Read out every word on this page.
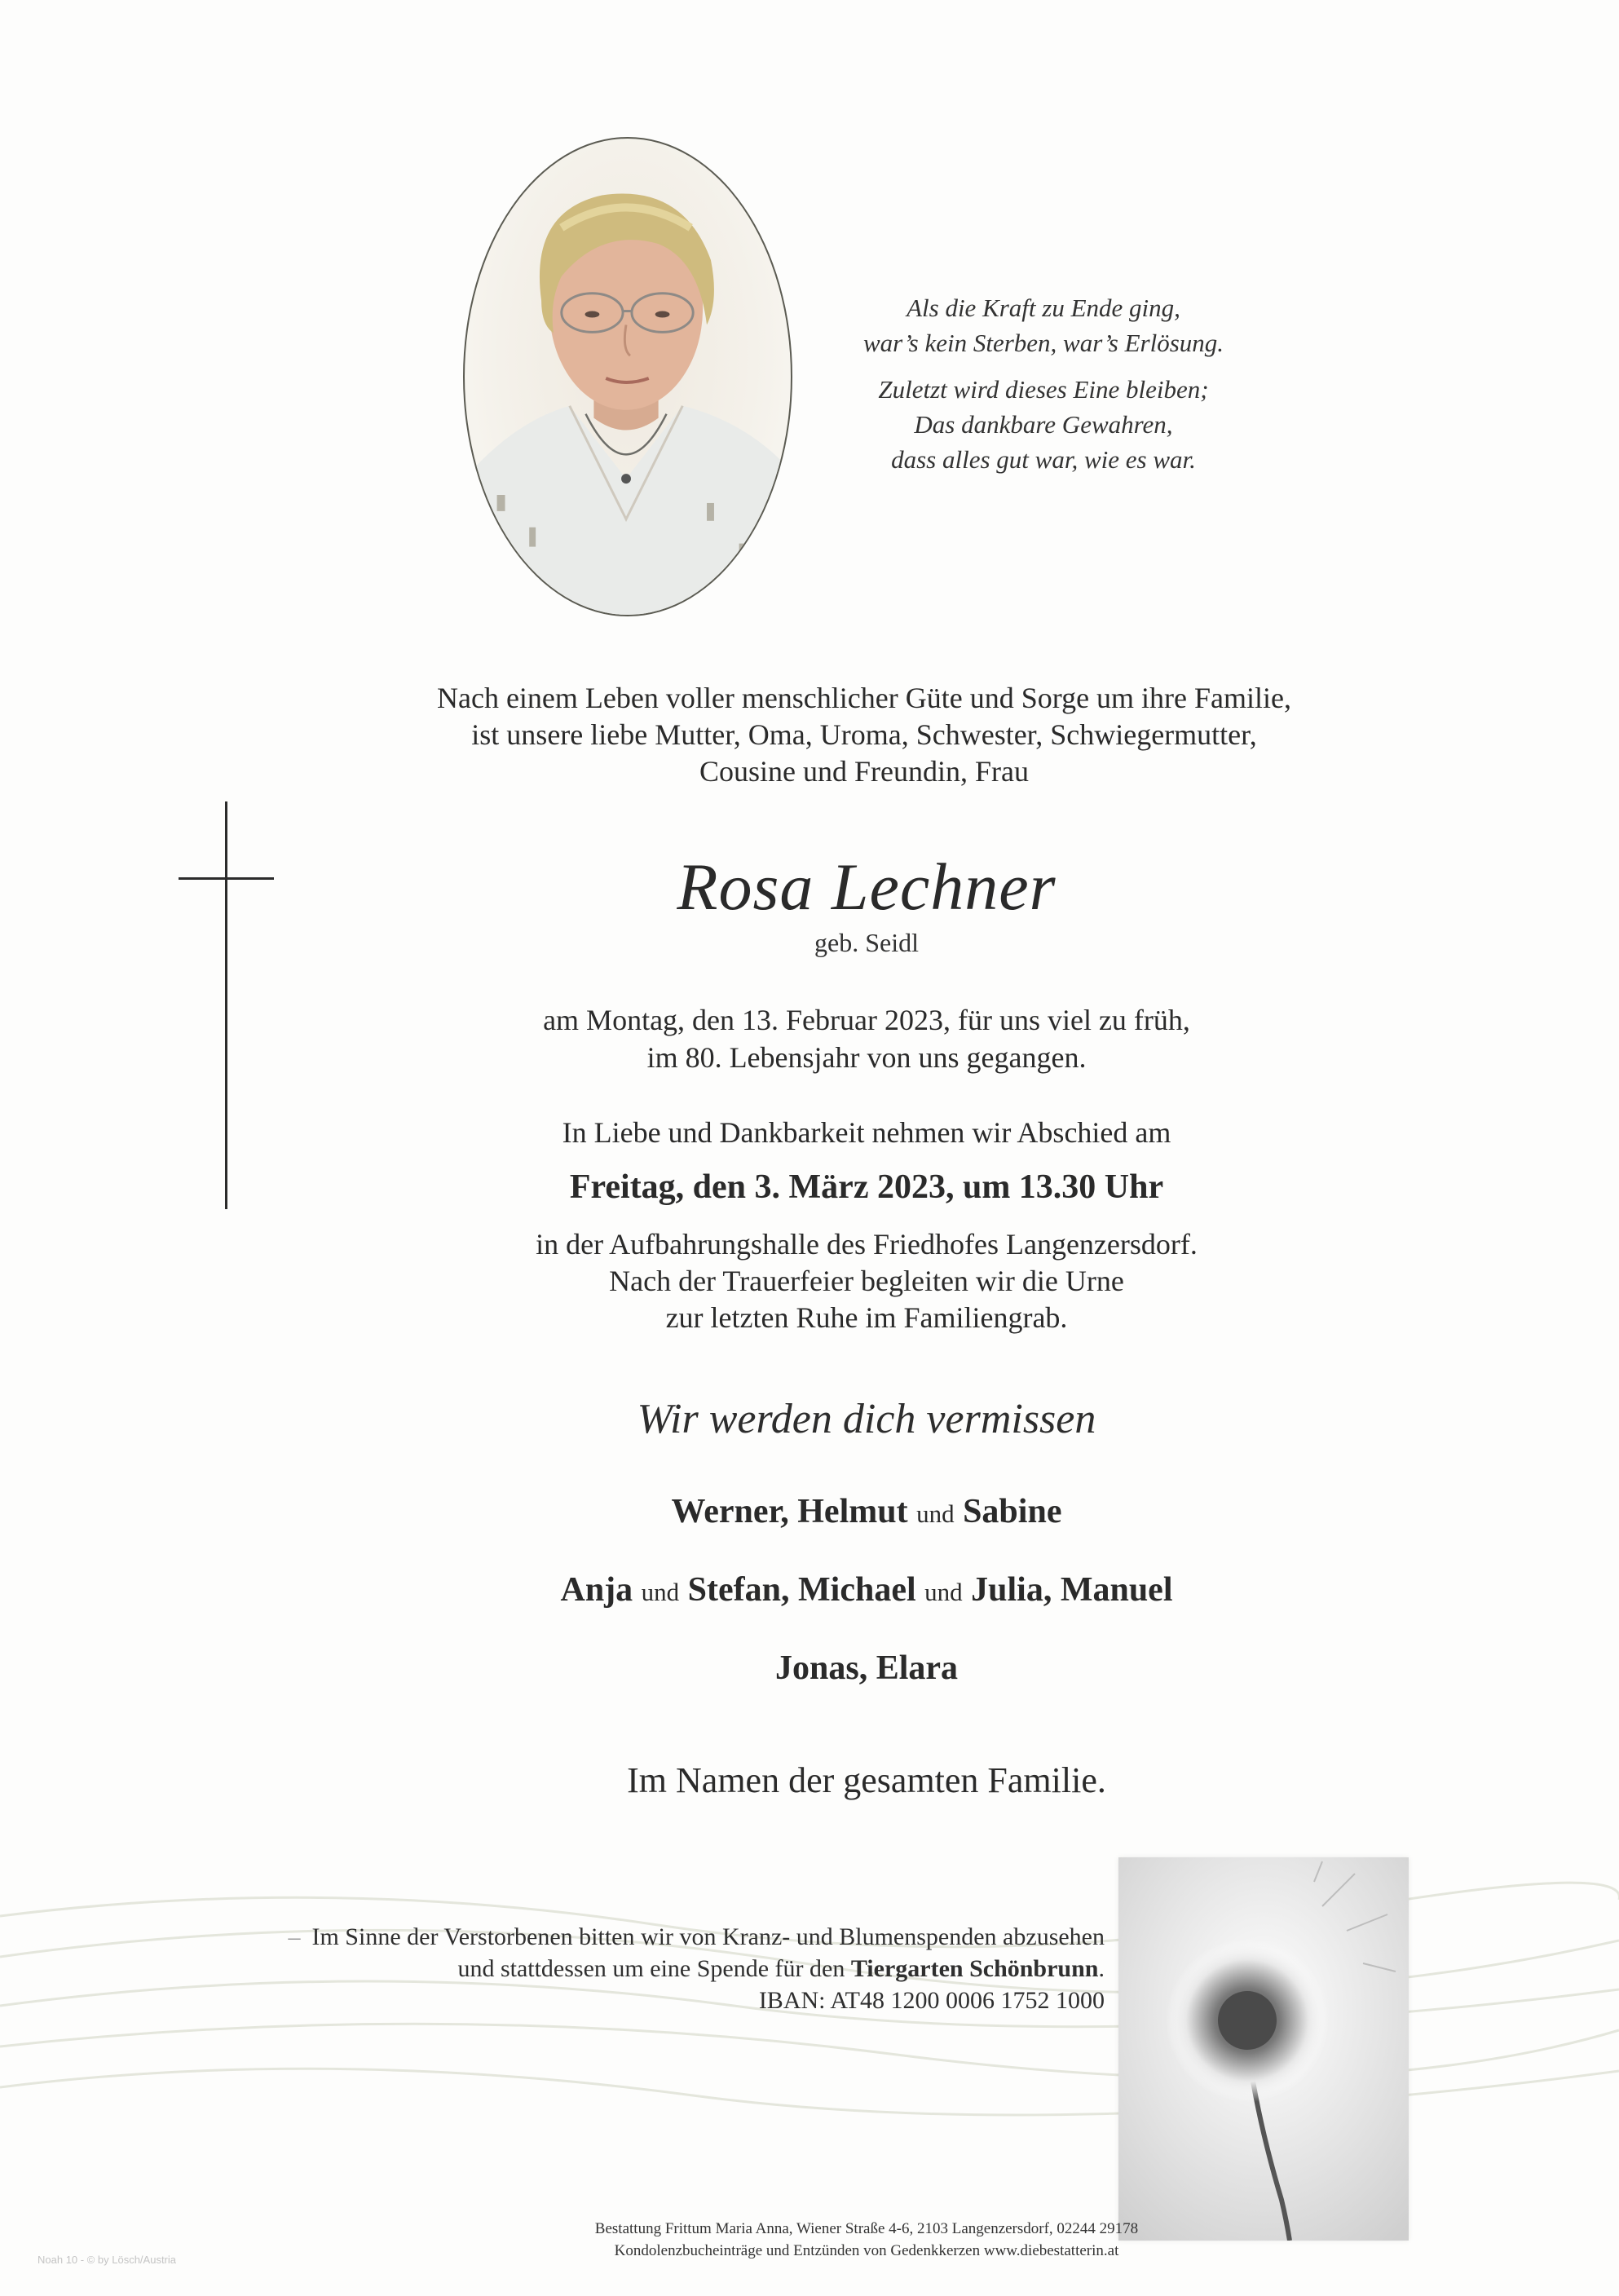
Als die Kraft zu Ende ging,
war’s kein Sterben, war’s Erlösung.
Zuletzt wird dieses Eine bleiben;
Das dankbare Gewahren,
dass alles gut war, wie es war.
Nach einem Leben voller menschlicher Güte und Sorge um ihre Familie,
ist unsere liebe Mutter, Oma, Uroma, Schwester, Schwiegermutter,
Cousine und Freundin, Frau
Rosa Lechner
geb. Seidl
am Montag, den 13. Februar 2023, für uns viel zu früh,
im 80. Lebensjahr von uns gegangen.
In Liebe und Dankbarkeit nehmen wir Abschied am
Freitag, den 3. März 2023, um 13.30 Uhr
in der Aufbahrungshalle des Friedhofes Langenzersdorf.
Nach der Trauerfeier begleiten wir die Urne
zur letzten Ruhe im Familiengrab.
Wir werden dich vermissen
Werner, Helmut und Sabine
Anja und Stefan, Michael und Julia, Manuel
Jonas, Elara
Im Namen der gesamten Familie.
– Im Sinne der Verstorbenen bitten wir von Kranz- und Blumenspenden abzusehen
und stattdessen um eine Spende für den Tiergarten Schönbrunn.
IBAN: AT48 1200 0006 1752 1000
Bestattung Frittum Maria Anna, Wiener Straße 4-6, 2103 Langenzersdorf, 02244 29178
Kondolenzbucheinträge und Entzünden von Gedenkkerzen www.diebestatterin.at
Noah 10 - © by Lösch/Austria
